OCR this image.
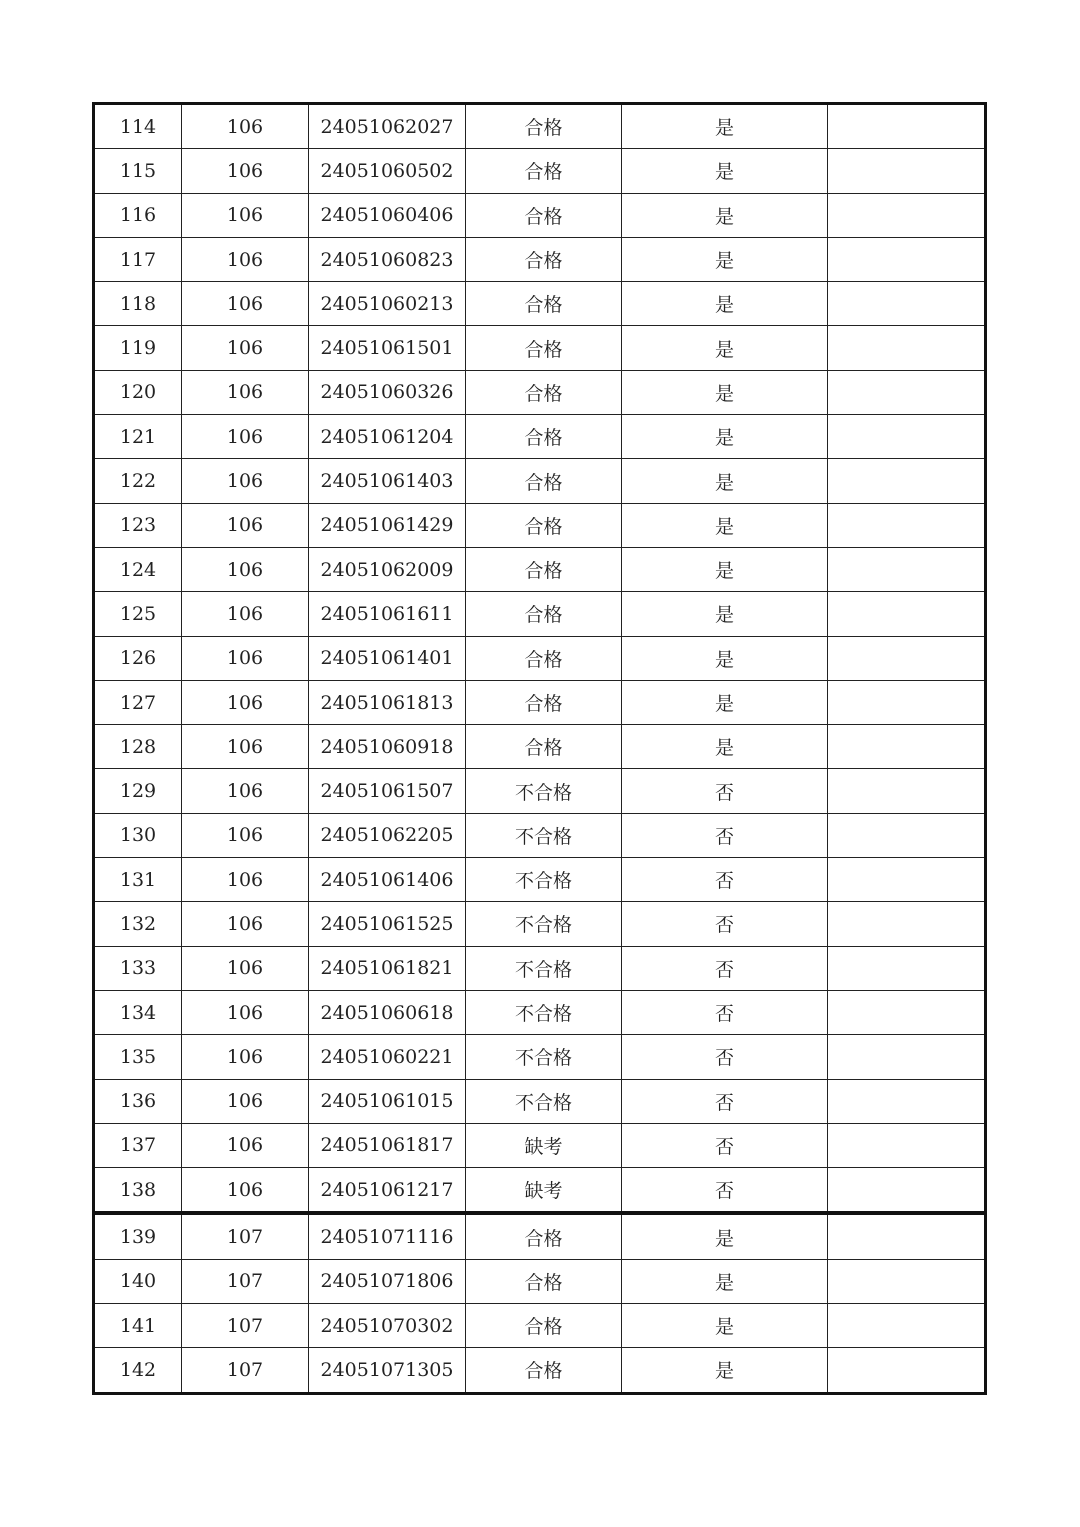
114	106	24051062027	合格	是	
115	106	24051060502	合格	是	
116	106	24051060406	合格	是	
117	106	24051060823	合格	是	
118	106	24051060213	合格	是	
119	106	24051061501	合格	是	
120	106	24051060326	合格	是	
121	106	24051061204	合格	是	
122	106	24051061403	合格	是	
123	106	24051061429	合格	是	
124	106	24051062009	合格	是	
125	106	24051061611	合格	是	
126	106	24051061401	合格	是	
127	106	24051061813	合格	是	
128	106	24051060918	合格	是	
129	106	24051061507	不合格	否	
130	106	24051062205	不合格	否	
131	106	24051061406	不合格	否	
132	106	24051061525	不合格	否	
133	106	24051061821	不合格	否	
134	106	24051060618	不合格	否	
135	106	24051060221	不合格	否	
136	106	24051061015	不合格	否	
137	106	24051061817	缺考	否	
138	106	24051061217	缺考	否	
139	107	24051071116	合格	是	
140	107	24051071806	合格	是	
141	107	24051070302	合格	是	
142	107	24051071305	合格	是	
